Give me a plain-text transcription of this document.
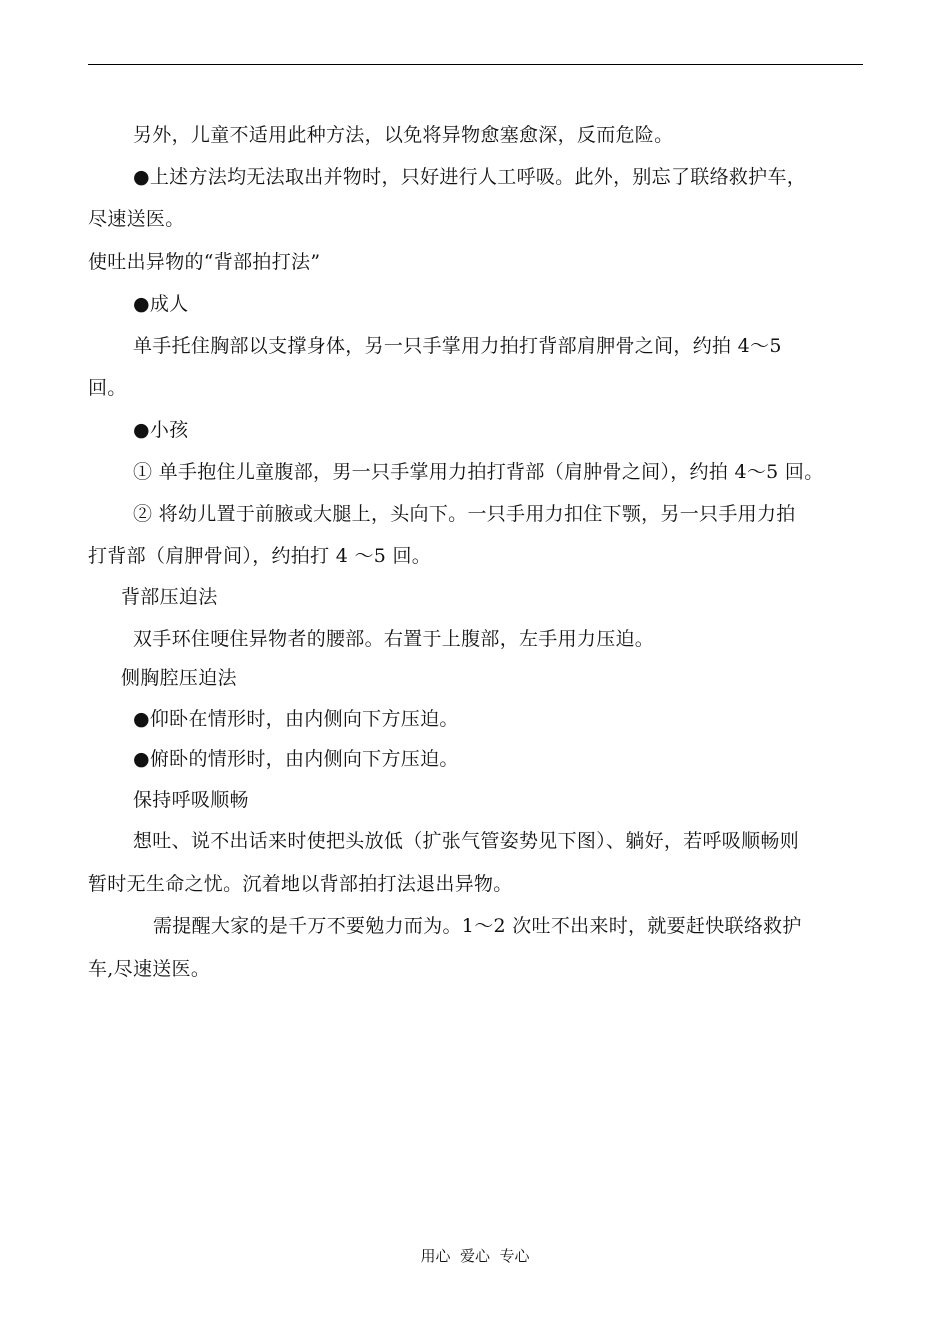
另外，儿童不适用此种方法，以免将异物愈塞愈深，反而危险。
●上述方法均无法取出并物时，只好进行人工呼吸。此外，别忘了联络救护车，
尽速送医。
使吐出异物的“背部拍打法”
●成人
单手托住胸部以支撑身体，另一只手掌用力拍打背部肩胛骨之间，约拍 4～5
回。
●小孩
① 单手抱住儿童腹部，男一只手掌用力拍打背部（肩肿骨之间），约拍 4～5 回。
② 将幼儿置于前腋或大腿上，头向下。一只手用力扣住下颚，另一只手用力拍
打背部（肩胛骨间），约拍打 4 ～5 回。
背部压迫法
双手环住哽住异物者的腰部。右置于上腹部，左手用力压迫。
侧胸腔压迫法
●仰卧在情形时，由内侧向下方压迫。
●俯卧的情形时，由内侧向下方压迫。
保持呼吸顺畅
想吐、说不出话来时使把头放低（扩张气管姿势见下图）、躺好，若呼吸顺畅则
暂时无生命之忧。沉着地以背部拍打法退出异物。
需提醒大家的是千万不要勉力而为。1～2 次吐不出来时，就要赶快联络救护
车,尽速送医。
用心  爱心  专心
